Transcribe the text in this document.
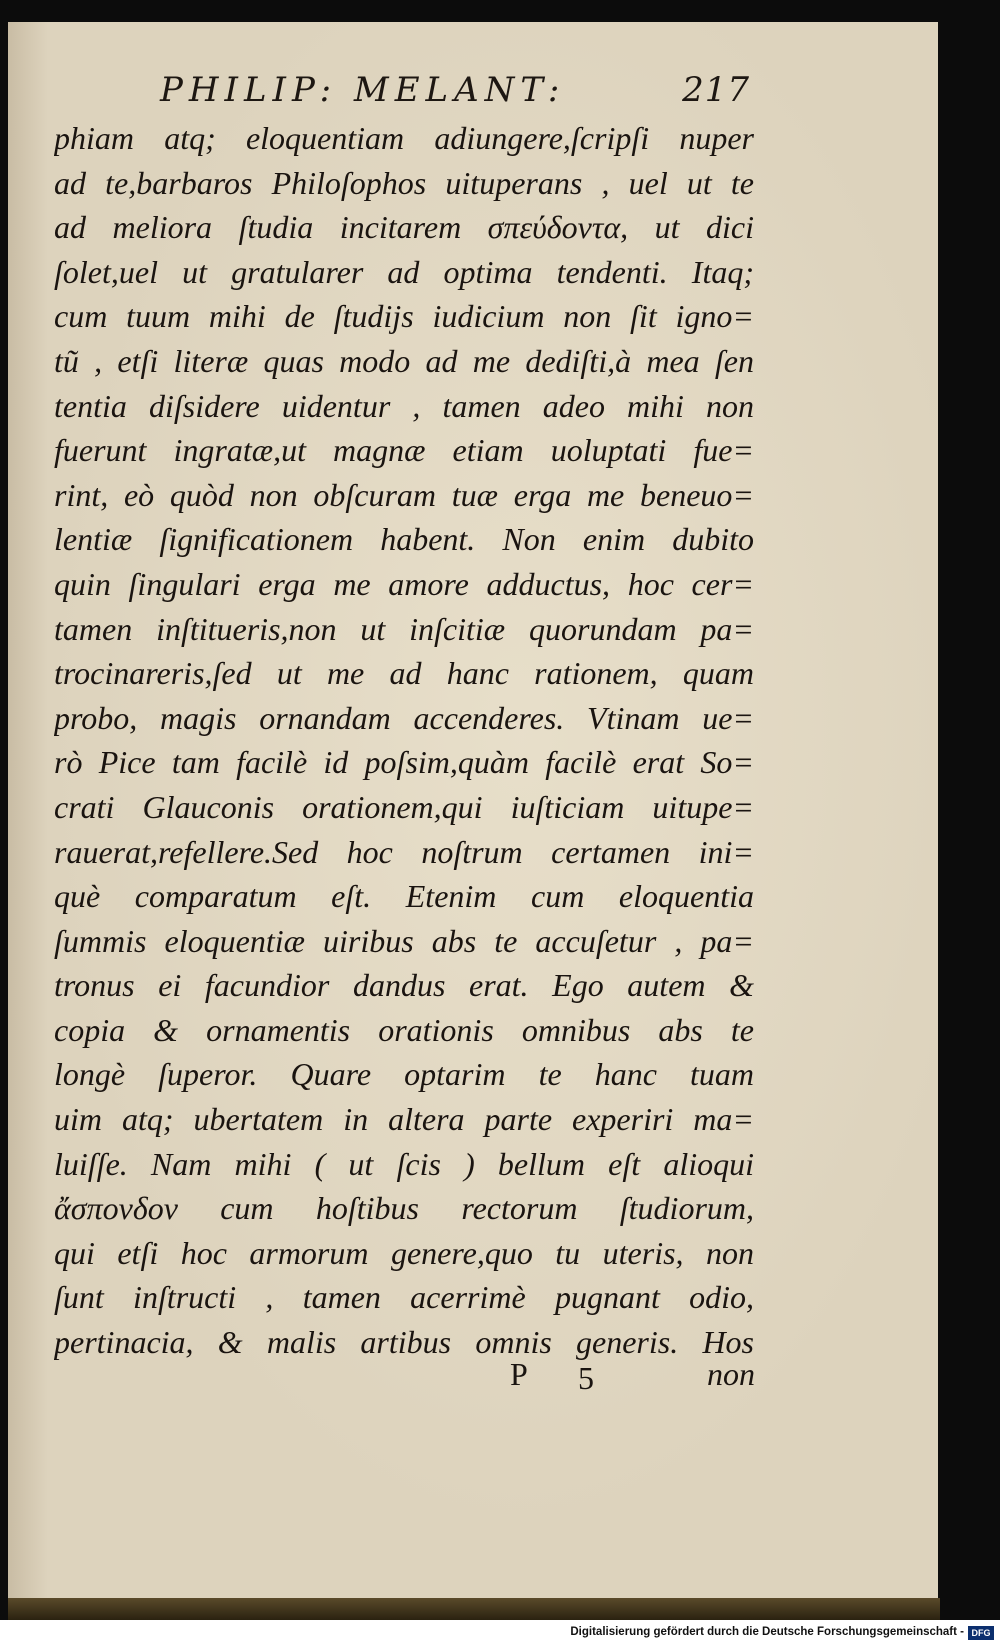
PHILIP: MELANT:	217
phiam atq; eloquentiam adiungere,ſcripſi nuper
ad te,barbaros Philoſophos uituperans , uel ut te
ad meliora ſtudia incitarem σπεύδοντα, ut dici
ſolet,uel ut gratularer ad optima tendenti. Itaq;
cum tuum mihi de ſtudijs iudicium non ſit igno=
tũ , etſi literæ quas modo ad me dediſti,à mea ſen
tentia diſsidere uidentur , tamen adeo mihi non
fuerunt ingratæ,ut magnæ etiam uoluptati fue=
rint, eò quòd non obſcuram tuæ erga me beneuo=
lentiæ ſignificationem habent. Non enim dubito
quin ſingulari erga me amore adductus, hoc cer=
tamen inſtitueris,non ut inſcitiæ quorundam pa=
trocinareris,ſed ut me ad hanc rationem, quam
probo, magis ornandam accenderes. Vtinam ue=
rò Pice tam facilè id poſsim,quàm facilè erat So=
crati Glauconis orationem,qui iuſticiam uitupe=
rauerat,refellere.Sed hoc noſtrum certamen ini=
què comparatum eſt. Etenim cum eloquentia
ſummis eloquentiæ uiribus abs te accuſetur , pa=
tronus ei facundior dandus erat. Ego autem &
copia & ornamentis orationis omnibus abs te
longè ſuperor. Quare optarim te hanc tuam
uim atq; ubertatem in altera parte experiri ma=
luiſſe. Nam mihi ( ut ſcis ) bellum eſt alioqui
ἄσπονδον cum hoſtibus rectorum ſtudiorum,
qui etſi hoc armorum genere,quo tu uteris, non
ſunt inſtructi , tamen acerrimè pugnant odio,
pertinacia, & malis artibus omnis generis. Hos
P 5	non
Digitalisierung gefördert durch die Deutsche Forschungsgemeinschaft - DFG
